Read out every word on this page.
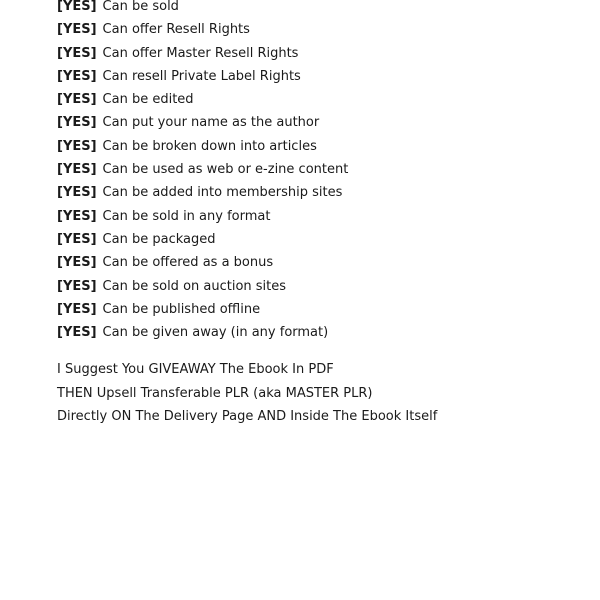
[YES] Can be sold
[YES] Can offer Resell Rights
[YES] Can offer Master Resell Rights
[YES] Can resell Private Label Rights
[YES] Can be edited
[YES] Can put your name as the author
[YES] Can be broken down into articles
[YES] Can be used as web or e-zine content
[YES] Can be added into membership sites
[YES] Can be sold in any format
[YES] Can be packaged
[YES] Can be offered as a bonus
[YES] Can be sold on auction sites
[YES] Can be published offline
[YES] Can be given away (in any format)
I Suggest You GIVEAWAY The Ebook In PDF
THEN Upsell Transferable PLR (aka MASTER PLR)
Directly ON The Delivery Page AND Inside The Ebook Itself
